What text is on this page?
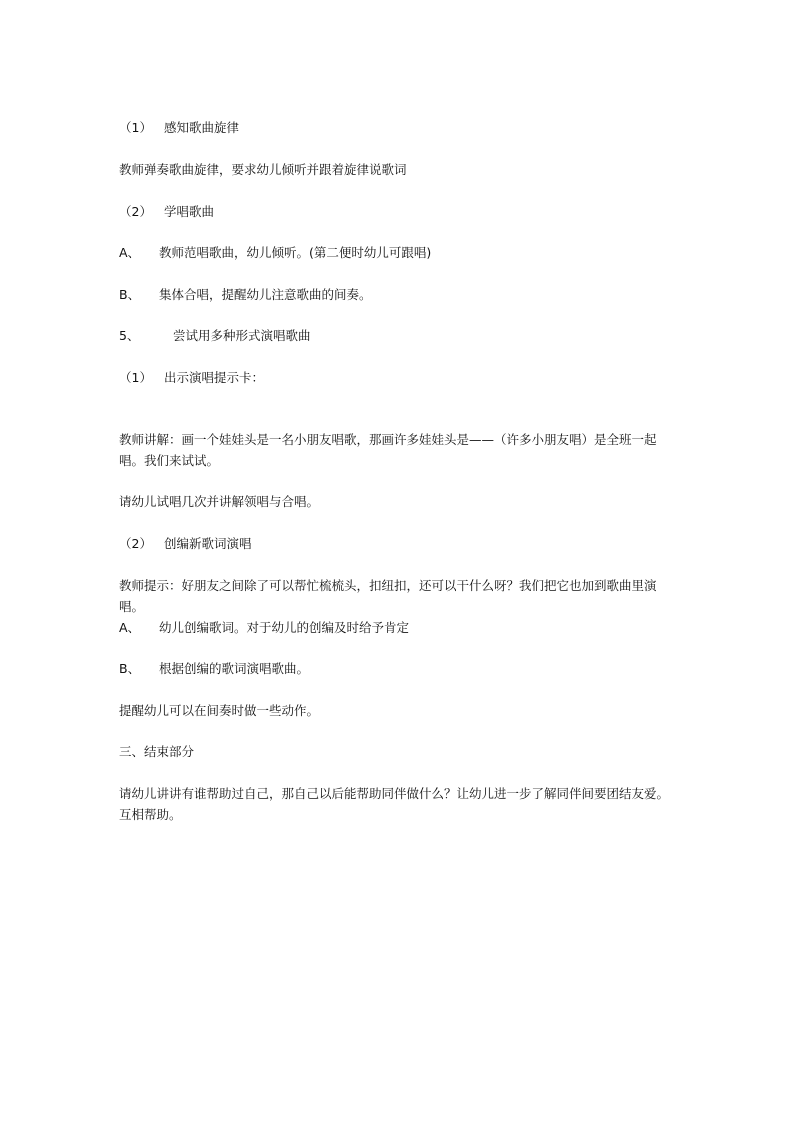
（1） 感知歌曲旋律
教师弹奏歌曲旋律，要求幼儿倾听并跟着旋律说歌词
（2） 学唱歌曲
A、 教师范唱歌曲，幼儿倾听。(第二便时幼儿可跟唱)
B、 集体合唱，提醒幼儿注意歌曲的间奏。
5、	尝试用多种形式演唱歌曲
（1） 出示演唱提示卡：
教师讲解：画一个娃娃头是一名小朋友唱歌，那画许多娃娃头是——（许多小朋友唱）是全班一起唱。我们来试试。
请幼儿试唱几次并讲解领唱与合唱。
（2） 创编新歌词演唱
教师提示：好朋友之间除了可以帮忙梳梳头，扣纽扣，还可以干什么呀？我们把它也加到歌曲里演唱。
A、 幼儿创编歌词。对于幼儿的创编及时给予肯定
B、 根据创编的歌词演唱歌曲。
提醒幼儿可以在间奏时做一些动作。
三、结束部分
请幼儿讲讲有谁帮助过自己，那自己以后能帮助同伴做什么？让幼儿进一步了解同伴间要团结友爱。互相帮助。
